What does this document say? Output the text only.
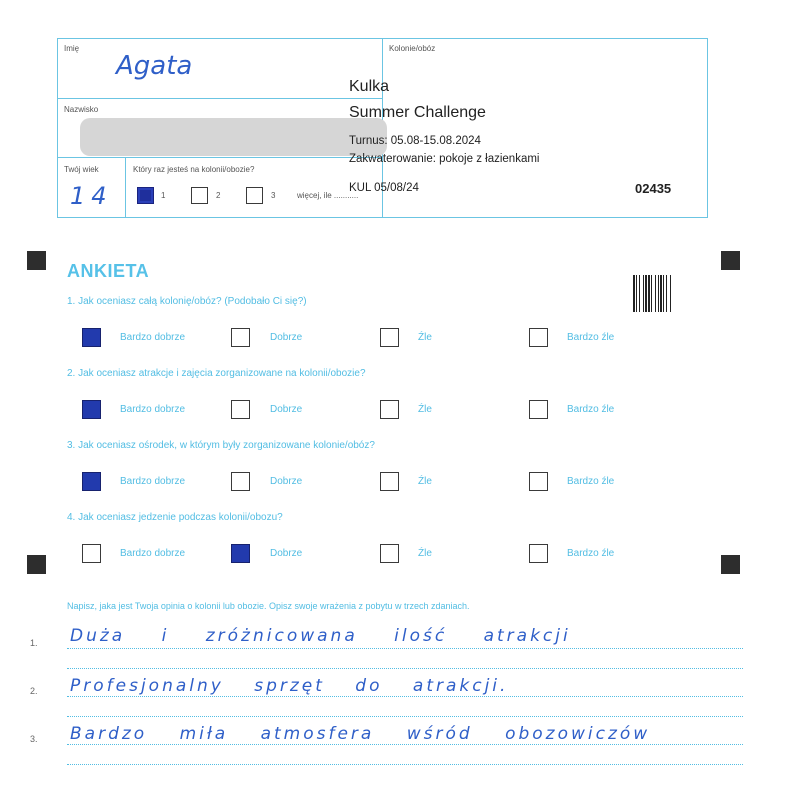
Imię
Agata
Nazwisko
Twój wiek
14
Który raz jesteś na kolonii/obozie?
1	2	3	więcej, ile ...........
Kolonie/obóz
Kulka
Summer Challenge
Turnus: 05.08-15.08.2024
Zakwaterowanie: pokoje z łazienkami
KUL 05/08/24	02435
ANKIETA
1. Jak oceniasz całą kolonię/obóz? (Podobało Ci się?)
Bardzo dobrze	Dobrze	Źle	Bardzo źle
2. Jak oceniasz atrakcje i zajęcia zorganizowane na kolonii/obozie?
Bardzo dobrze	Dobrze	Źle	Bardzo źle
3. Jak oceniasz ośrodek, w którym były zorganizowane kolonie/obóz?
Bardzo dobrze	Dobrze	Źle	Bardzo źle
4. Jak oceniasz jedzenie podczas kolonii/obozu?
Bardzo dobrze	Dobrze	Źle	Bardzo źle
Napisz, jaka jest Twoja opinia o kolonii lub obozie. Opisz swoje wrażenia z pobytu w trzech zdaniach.
1. Duża i zróżnicowana ilość atrakcji
2. Profesjonalny sprzęt do atrakcji.
3. Bardzo miła atmosfera wśród obozowiczów
